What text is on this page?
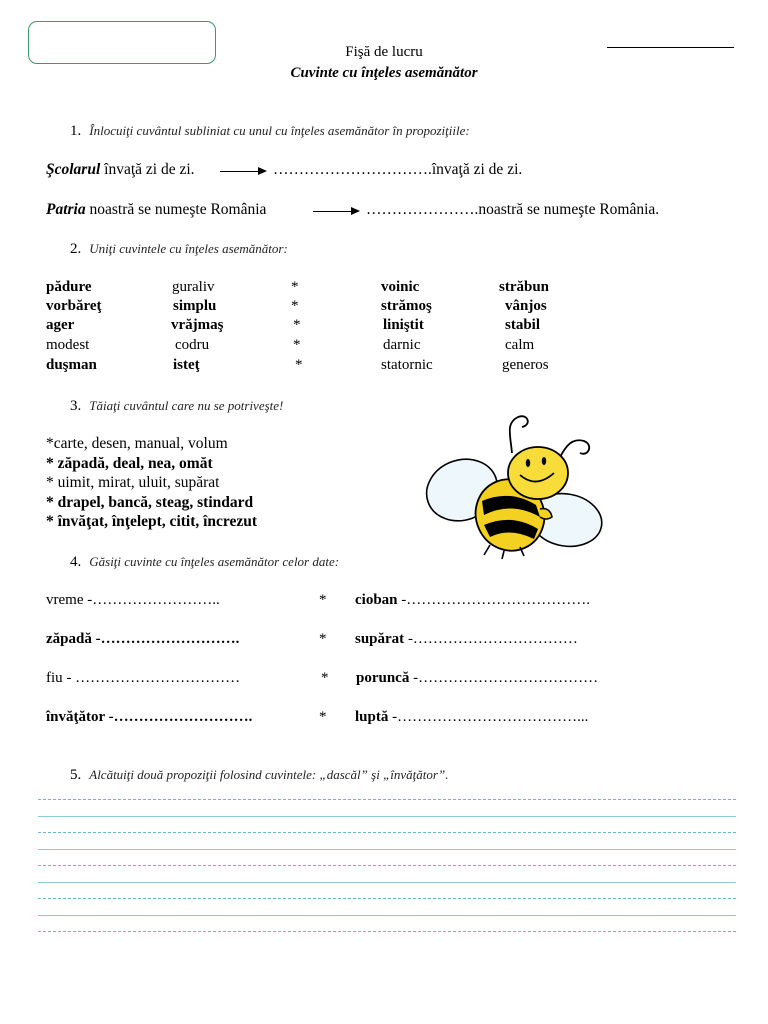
Fişă de lucru
Cuvinte cu înţeles asemănător
1. Înlocuiţi cuvântul subliniat cu unul cu înţeles asemănător în propoziţiile:
Şcolarul învaţă zi de zi.	………………………….învaţă zi de zi.
Patria noastră se numeşte România	………………….noastră se numeşte România.
2. Uniţi cuvintele cu înţeles asemănător:
pădure	guraliv	*	voinic	străbun
vorbăreţ	simplu	*	strămoş	vânjos
ager	vrăjmaş	*	liniştit	stabil
modest	codru	*	darnic	calm
duşman	isteţ	*	statornic	generos
3. Tăiaţi cuvântul care nu se potriveşte!
*carte, desen, manual, volum
* zăpadă, deal, nea, omăt
* uimit, mirat, uluit, supărat
* drapel, bancă, steag, stindard
* învăţat, înţelept, citit, încrezut
4. Găsiţi cuvinte cu înţeles asemănător celor date:
vreme -……………………..	* cioban -……………………………….
zăpadă -……………………….	* supărat -……………………………
fiu - ……………………………	* poruncă -………………………………
învăţător -……………………….	* luptă -………………………………...
5. Alcătuiţi două propoziţii folosind cuvintele: „dascăl” şi „învăţător”.
